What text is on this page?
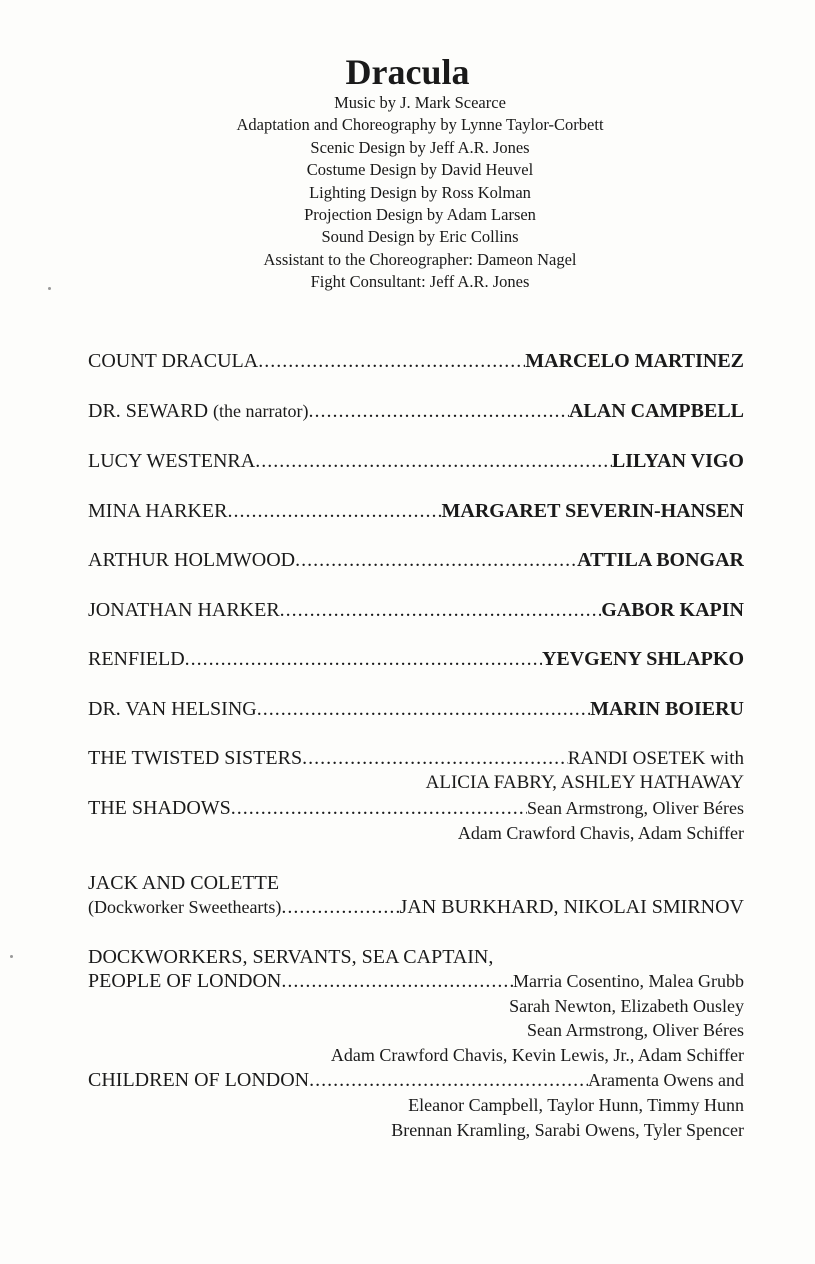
Dracula
Music by J. Mark Scearce
Adaptation and Choreography by Lynne Taylor-Corbett
Scenic Design by Jeff A.R. Jones
Costume Design by David Heuvel
Lighting Design by Ross Kolman
Projection Design by Adam Larsen
Sound Design by Eric Collins
Assistant to the Choreographer: Dameon Nagel
Fight Consultant: Jeff A.R. Jones
COUNT DRACULA .....	MARCELO MARTINEZ
DR. SEWARD (the narrator) .....	ALAN CAMPBELL
LUCY WESTENRA .....	LILYAN VIGO
MINA HARKER .....	MARGARET SEVERIN-HANSEN
ARTHUR HOLMWOOD .....	ATTILA BONGAR
JONATHAN HARKER .....	GABOR KAPIN
RENFIELD .....	YEVGENY SHLAPKO
DR. VAN HELSING .....	MARIN BOIERU
THE TWISTED SISTERS .....	RANDI OSETEK with
ALICIA FABRY, ASHLEY HATHAWAY
THE SHADOWS .....	Sean Armstrong, Oliver Béres
Adam Crawford Chavis, Adam Schiffer
JACK AND COLETTE
(Dockworker Sweethearts) .....	JAN BURKHARD, NIKOLAI SMIRNOV
DOCKWORKERS, SERVANTS, SEA CAPTAIN,
PEOPLE OF LONDON .....	Marria Cosentino, Malea Grubb
Sarah Newton, Elizabeth Ousley
Sean Armstrong, Oliver Béres
Adam Crawford Chavis, Kevin Lewis, Jr., Adam Schiffer
CHILDREN OF LONDON .....	Aramenta Owens and
Eleanor Campbell, Taylor Hunn, Timmy Hunn
Brennan Kramling, Sarabi Owens, Tyler Spencer
